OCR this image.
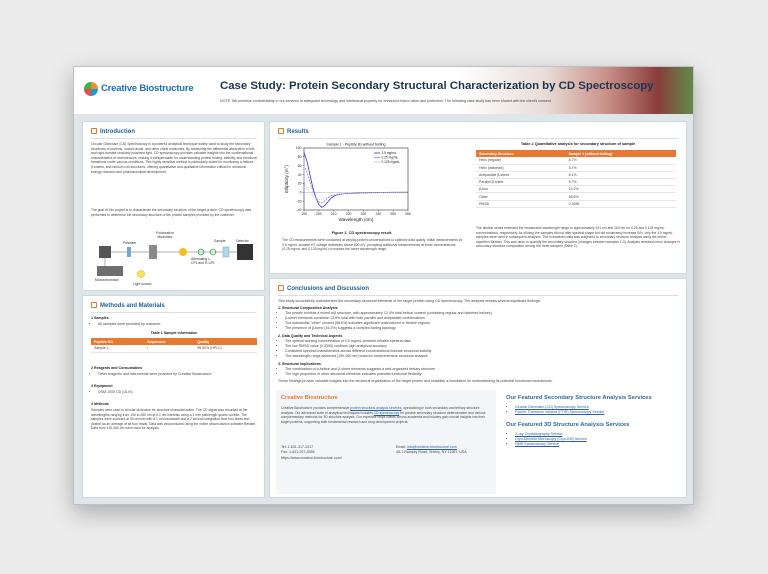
Creative Biostructure Case Study: Protein Secondary Structural Characterization by CD Spectroscopy
NOTE: We prioritize confidentiality in our services to safeguard technology and intellectual property for enhanced future value and protection. The following case study has been shared with the client's consent.
Introduction
Circular Dichroism (CD) Spectroscopy is a powerful analytical technique widely used to study the secondary structures of proteins, nucleic acids, and other chiral molecules. By measuring the differential absorption of left- and right-handed circularly polarized light, CD spectroscopy provides valuable insights into the conformational characteristics of biomolecules, making it indispensable for understanding protein folding, stability, and structural transitions under various conditions. This highly sensitive method is particularly suited for monitoring α-helices, β-sheets, and random coil structures, offering quantitative and qualitative information critical for structural biology research and pharmaceutical development.
The goal of this project is to characterize the secondary structure of the target protein. CD spectroscopy was performed to determine the secondary structure of the protein samples provided by the customer.
Polarization Modulator
Polarizer	Sample	Detector
Alternating L-CPL and R-CPL
Monochromator
Light source
Methods and Materials
1 Samples
• All samples were provided by customer.
Table 1 Sample information
Peptide NO.	Sequences	Quality
Sample 1	/	95.50% (HPLC)
2 Reagents and Consumables
• Other reagents and instruments were provided by Creative Biostructure.
3 Equipment
• DSM 1000 CD (OLIS)
4 Methods
Samples were used in circular dichroism for structure characterization. The CD signal was recorded at the wavelengths ranging from 190 to 260 nm at 0.1 nm intervals using a 1 mm pathlength quartz cuvette. The samples were scanned at 50 nm/min with a 1 nm bandwidth and a 2 second integration time four times and plotted as an average of all four reads. Data was deconvoluted using the online deconvolution software Bestsel. Data from 190-260 nm were used for analysis.
Results
190	200	210	220	230	240	250	260
-40
-20
0
20
40
60
80
100
Sample 1 - Peptide B) without folding
Wavelength (nm)
Ellipticity (m°)
3.5 mg/mL
0.25 mg/mL
0.125 mg/mL
Figure 2. CD spectroscopy result.
The CD measurements were conducted at varying protein concentrations to optimize data quality. Initial measurements at 3.5 mg/mL showed HT voltage limitations above 600 mV, prompting additional measurements at lower concentrations (0.25 mg/mL and 0.125 mg/mL) to explore the lower wavelength range.
Table 2 Quantitative analysis for secondary structure of sample
Secondary Structure	Sample 1 (without folding)
Helix (regular)	8.7%
Helix (distorted)	3.7%
Antiparallel β-sheet	8.1%
Parallel β-sheet	5.7%
β-turn	15.2%
Other	58.6%
RMSD	0.3395
The dilution series extended the measurable wavelength range to approximately 191 nm and 184 nm for 0.25 and 0.125 mg/mL concentrations, respectively. As diluting the samples did not alter spectral shape but did moderately increase S/N, only the 3.5 mg/mL samples were used in subsequent analyses. The normalized data was subjected to secondary structure analysis using the online algorithm Bestsel. This was done to quantify the secondary structure (changes between samples 1-3). Analysis revealed minor changes in secondary structure composition among the three samples (Table 2).
Conclusions and Discussion
This study successfully characterized the secondary structural elements of the target protein using CD spectroscopy. The analysis reveals several significant findings:
1. Structural Composition Analysis
• The protein exhibits a mixed α/β structure, with approximately 12.4% total helical content (combining regular and distorted helices)
• β-sheet elements constitute 13.8% total with both parallel and antiparallel conformations
• The substantial "other" content (58.6%) indicates significant unstructured or flexible regions
• The presence of β-turns (15.2%) suggests a complex folding topology
2. Data Quality and Technical Aspects
• The optimal working concentration of 0.5 mg/mL provided reliable spectral data
• The low RMSD value (0.3395) confirms high analytical accuracy
• Consistent spectral characteristics across different concentrations indicate structural stability
• The wavelength range achieved (190-260 nm) ensured comprehensive structural analysis
3. Structural Implications
• The combination of α-helical and β-sheet elements suggests a well-organized tertiary structure
• The high proportion of other structural elements indicates potential functional flexibility
These findings provide valuable insights into the structural organization of the target protein and establish a foundation for understanding its potential functional mechanisms.
Creative Biostructure
Creative Biostructure provides comprehensive protein structural analysis services, specializing in both secondary and tertiary structure analysis. Our advanced suite of analytical techniques includes CD spectroscopy for precise secondary structure determination and various complementary methods for 3D structure analysis. Our expertise helps clients across academia and industry gain crucial insights into their target proteins, supporting both fundamental research and drug development projects.
Tel: 1-631-317-1417
Fax: 1-631-207-8356
https://www.creative-biostructure.com/
Email: info@creative-biostructure.com
45-1 Ramsey Road, Shirley, NY 11967, USA
Our Featured Secondary Structure Analysis Services
• Circular Dichroism (CD) Spectroscopy Service
• Fourier-Transform Infrared (FTIR) Spectroscopy Service
Our Featured 3D Structure Analysis Services
• X-ray Crystallography Service
• Cryo-Electron Microscopy (Cryo-EM) Service
• NMR Spectroscopy Service
